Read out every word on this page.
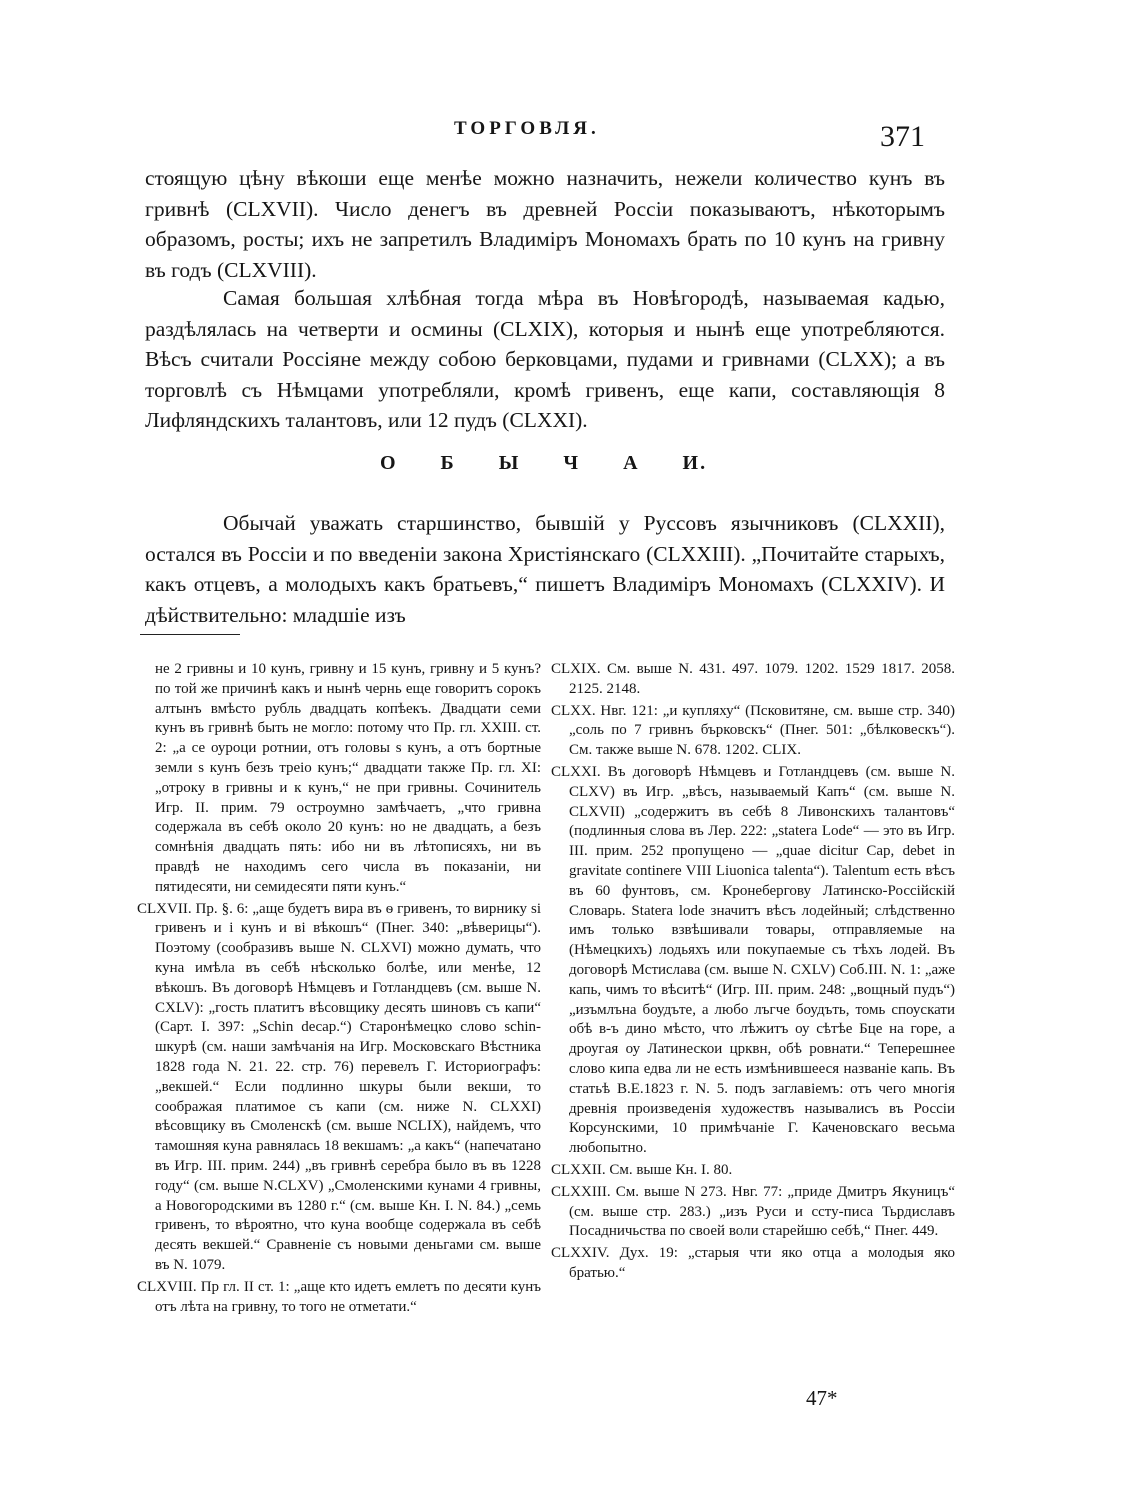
ТОРГОВЛЯ.	371

стоящую цѣну вѣкоши еще менѣе можно назначить, нежели количество кунъ въ гривнѣ (CLXVII). Число денегъ въ древней Россіи показываютъ, нѣкоторымъ образомъ, росты; ихъ не запретилъ Владиміръ Мономахъ брать по 10 кунъ на гривну въ годъ (CLXVIII).

Самая большая хлѣбная тогда мѣра въ Новѣгородѣ, называемая кадью, раздѣлялась на четверти и осмины (CLXIX), которыя и нынѣ еще употребляются. Вѣсъ считали Россіяне между собою берковцами, пудами и гривнами (CLXX); а въ торговлѣ съ Нѣмцами употребляли, кромѣ гривенъ, еще капи, составляющія 8 Лифляндскихъ талантовъ, или 12 пудъ (CLXXI).

О Б Ы Ч А И.

Обычай уважать старшинство, бывшій у Руссовъ язычниковъ (CLXXII), остался въ Россіи и по введеніи закона Христіянскаго (CLXXIII). „Почитайте старыхъ, какъ отцевъ, а молодыхъ какъ братьевъ,“ пишетъ Владиміръ Мономахъ (CLXXIV). И дѣйствительно: младшіе изъ

не 2 гривны и 10 кунъ, гривну и 15 кунъ, гривну и 5 кунъ? по той же причинѣ какъ и нынѣ чернь еще говоритъ сорокъ алтынъ вмѣсто рубль двадцать копѣекъ. Двадцати семи кунъ въ гривнѣ быть не могло: потому что Пр. гл. XXIII. ст. 2: „а се оуроци ротнии, отъ головы ѕ кунъ, а отъ бортные земли ѕ кунъ безъ треіо кунъ;“ двадцати также Пр. гл. XI: „отроку в гривны и к кунъ,“ не при гривны. Сочинитель Игр. II. прим. 79 остроумно замѣчаетъ, „что гривна содержала въ себѣ около 20 кунъ: но не двадцать, а безъ сомнѣнія двадцать пять: ибо ни въ лѣтописяхъ, ни въ правдѣ не находимъ сего числа въ показаніи, ни пятидесяти, ни семидесяти пяти кунъ.“

CLXVII. Пр. §. 6: „аще будетъ вира въ ѳ гривенъ, то вирнику ѕі гривенъ и і кунъ и ві вѣкошъ“ (Пнег. 340: „вѣверицы“). Поэтому (сообразивъ выше N. CLXVI) можно думать, что куна имѣла въ себѣ нѣсколько болѣе, или менѣе, 12 вѣкошъ. Въ договорѣ Нѣмцевъ и Готландцевъ (см. выше N. CXLV): „гость платитъ вѣсовщику десять шиновъ съ капи“ (Сарт. I. 397: „Schin decap.“) Старонѣмецко слово schin-шкурѣ (см. наши замѣчанія на Игр. Московскаго Вѣстника 1828 года N. 21. 22. стр. 76) перевелъ Г. Историографъ: „векшей.“ Если подлинно шкуры были векши, то соображая платимое съ капи (см. ниже N. CLXXI) вѣсовщику въ Смоленскѣ (см. выше NCLIX), найдемъ, что тамошняя куна равнялась 18 векшамъ: „а какъ“ (напечатано въ Игр. III. прим. 244) „въ гривнѣ серебра было въ въ 1228 году“ (см. выше N.CLXV) „Смоленскими кунами 4 гривны, а Новогородскими въ 1280 г.“ (см. выше Кн. I. N. 84.) „семь гривенъ, то вѣроятно, что куна вообще содержала въ себѣ десять векшей.“ Сравненіе съ новыми деньгами см. выше въ N. 1079.

CLXVIII. Пр гл. II ст. 1: „аще кто идетъ емлетъ по десяти кунъ отъ лѣта на гривну, то того не отметати.“

CLXIX. См. выше N. 431. 497. 1079. 1202. 1529 1817. 2058. 2125. 2148.

CLXX. Нвг. 121: „и купляху“ (Псковитяне, см. выше стр. 340) „соль по 7 гривнъ бърковскъ“ (Пнег. 501: „бѣлковескъ“). См. также выше N. 678. 1202. CLIX.

CLXXI. Въ договорѣ Нѣмцевъ и Готландцевъ (см. выше N. CLXV) въ Игр. „вѣсъ, называемый Капъ“ (см. выше N. CLXVII) „содержитъ въ себѣ 8 Ливонскихъ талантовъ“ (подлинныя слова въ Лер. 222: „statera Lode“ — это въ Игр. III. прим. 252 пропущено — „quae dicitur Cap, debet in gravitate continere VIII Liuonica talenta“). Talentum есть вѣсъ въ 60 фунтовъ, см. Кронебергову Латинско-Россійскій Словарь. Statera lode значитъ вѣсъ лодейный; слѣдственно имъ только взвѣшивали товары, отправляемые на (Нѣмецкихъ) лодьяхъ или покупаемые съ тѣхъ лодей. Въ договорѣ Мстислава (см. выше N. CXLV) Соб.III. N. 1: „аже капь, чимъ то вѣситѣ“ (Игр. III. прим. 248: „вощный пудъ“) „изъмлъна боудъте, а любо лъгче боудъть, томь споускати обѣ в-ъ дино мѣсто, что лѣжитъ оу сѣтѣе Бце на горе, а дроугая оу Латинескои црквн, обѣ ровнати.“ Теперешнее слово кипа едва ли не есть измѣнившееся названіе капь. Въ статьѣ В.Е.1823 г. N. 5. подъ заглавіемъ: отъ чего многія древнія произведенія художествъ называлисъ въ Россіи Корсунскими, 10 примѣчаніе Г. Каченовскаго весьма любопытно.

CLXXII. См. выше Кн. I. 80.

CLXXIII. См. выше N 273. Нвг. 77: „приде Дмитръ Якуницъ“ (см. выше стр. 283.) „изъ Руси и ссту-писа Тьрдиславъ Посадничьства по своей воли старейшю себѣ,“ Пнег. 449.

CLXXIV. Дух. 19: „старыя чти яко отца а молодыя яко братью.“

47*
